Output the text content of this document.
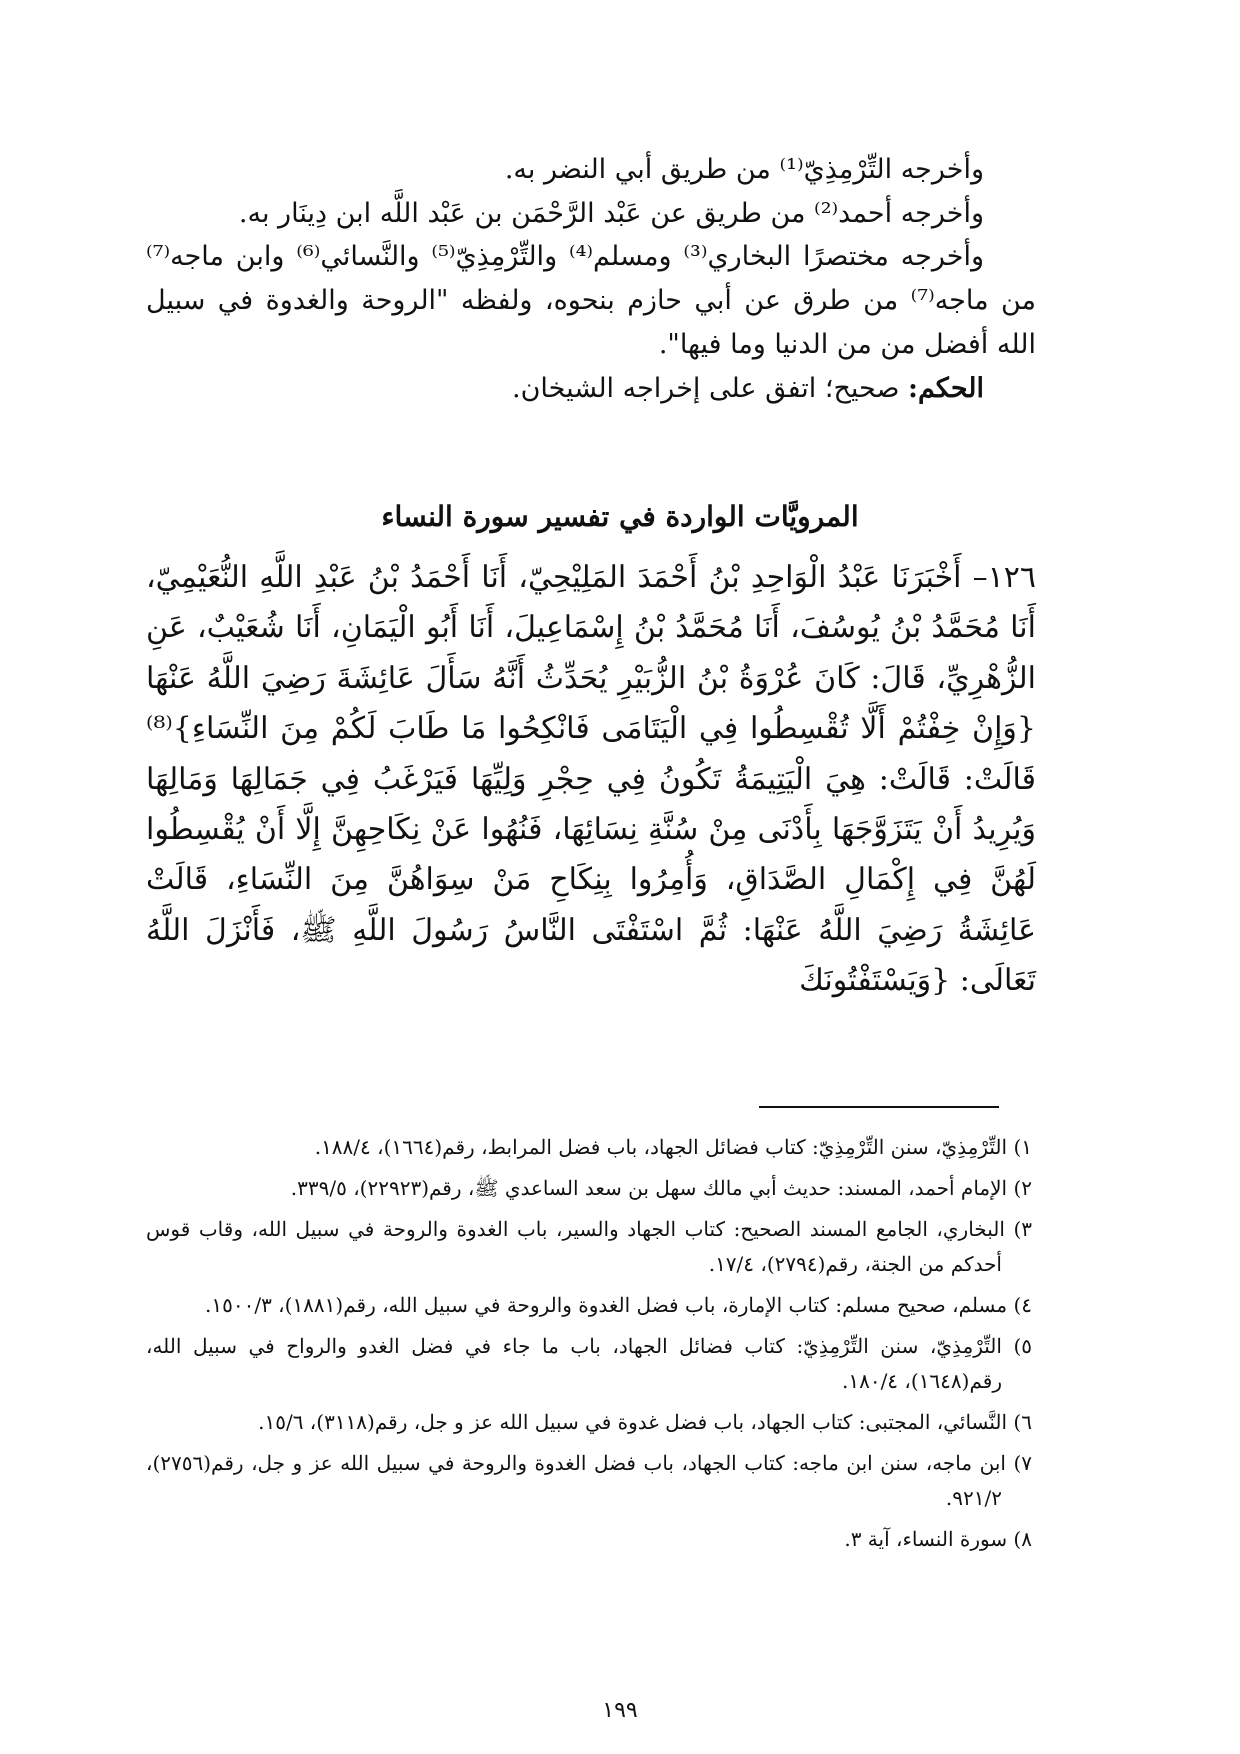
وأخرجه التِّرْمِذِيّ⁽¹⁾ من طريق أبي النضر به.

وأخرجه أحمد⁽²⁾ من طريق عن عَبْد الرَّحْمَن بن عَبْد اللَّه ابن دِينَار به.

وأخرجه مختصرًا البخاري⁽³⁾ ومسلم⁽⁴⁾ والتِّرْمِذِيّ⁽⁵⁾ والنَّسائي⁽⁶⁾ وابن ماجه⁽⁷⁾ من ماجه⁽⁷⁾ من طرق عن أبي حازم بنحوه، ولفظه "الروحة والغدوة في سبيل الله أفضل من من الدنيا وما فيها".

الحكم: صحيح؛ اتفق على إخراجه الشيخان.

المرويَّات الواردة في تفسير سورة النساء

١٢٦– أَخْبَرَنَا عَبْدُ الْوَاحِدِ بْنُ أَحْمَدَ المَلِيْحِيّ، أَنَا أَحْمَدُ بْنُ عَبْدِ اللَّهِ النُّعَيْمِيّ، أَنَا مُحَمَّدُ بْنُ يُوسُفَ، أَنَا مُحَمَّدُ بْنُ إِسْمَاعِيلَ، أَنَا أَبُو الْيَمَانِ، أَنَا شُعَيْبٌ، عَنِ الزُّهْرِيِّ، قَالَ: كَانَ عُرْوَةُ بْنُ الزُّبَيْرِ يُحَدِّثُ أَنَّهُ سَأَلَ عَائِشَةَ رَضِيَ اللَّهُ عَنْهَا {وَإِنْ خِفْتُمْ أَلَّا تُقْسِطُوا فِي الْيَتَامَى فَانْكِحُوا مَا طَابَ لَكُمْ مِنَ النِّسَاءِ}⁽⁸⁾ قَالَتْ: قَالَتْ: هِيَ الْيَتِيمَةُ تَكُونُ فِي حِجْرِ وَلِيِّهَا فَيَرْغَبُ فِي جَمَالِهَا وَمَالِهَا وَيُرِيدُ أَنْ يَتَزَوَّجَهَا بِأَدْنَى مِنْ سُنَّةِ نِسَائِهَا، فَنُهُوا عَنْ نِكَاحِهِنَّ إِلَّا أَنْ يُقْسِطُوا لَهُنَّ فِي إِكْمَالِ الصَّدَاقِ، وَأُمِرُوا بِنِكَاحِ مَنْ سِوَاهُنَّ مِنَ النِّسَاءِ، قَالَتْ عَائِشَةُ رَضِيَ اللَّهُ عَنْهَا: ثُمَّ اسْتَفْتَى النَّاسُ رَسُولَ اللَّهِ ﷺ، فَأَنْزَلَ اللَّهُ تَعَالَى: {وَيَسْتَفْتُونَكَ

١) التِّرْمِذِيّ، سنن التِّرْمِذِيّ: كتاب فضائل الجهاد، باب فضل المرابط، رقم(١٦٦٤)، ١٨٨/٤.
٢) الإمام أحمد، المسند: حديث أبي مالك سهل بن سعد الساعدي ﷺ، رقم(٢٢٩٢٣)، ٣٣٩/٥.
٣) البخاري، الجامع المسند الصحيح: كتاب الجهاد والسير، باب الغدوة والروحة في سبيل الله، وقاب قوس أحدكم من الجنة، رقم(٢٧٩٤)، ١٧/٤.
٤) مسلم، صحيح مسلم: كتاب الإمارة، باب فضل الغدوة والروحة في سبيل الله، رقم(١٨٨١)، ١٥٠٠/٣.
٥) التِّرْمِذِيّ، سنن التِّرْمِذِيّ: كتاب فضائل الجهاد، باب ما جاء في فضل الغدو والرواح في سبيل الله، رقم(١٦٤٨)، ١٨٠/٤.
٦) النَّسائي، المجتبى: كتاب الجهاد، باب فضل غدوة في سبيل الله عز و جل، رقم(٣١١٨)، ١٥/٦.
٧) ابن ماجه، سنن ابن ماجه: كتاب الجهاد، باب فضل الغدوة والروحة في سبيل الله عز و جل، رقم(٢٧٥٦)، ٩٢١/٢.
٨) سورة النساء، آية ٣.
١٩٩
